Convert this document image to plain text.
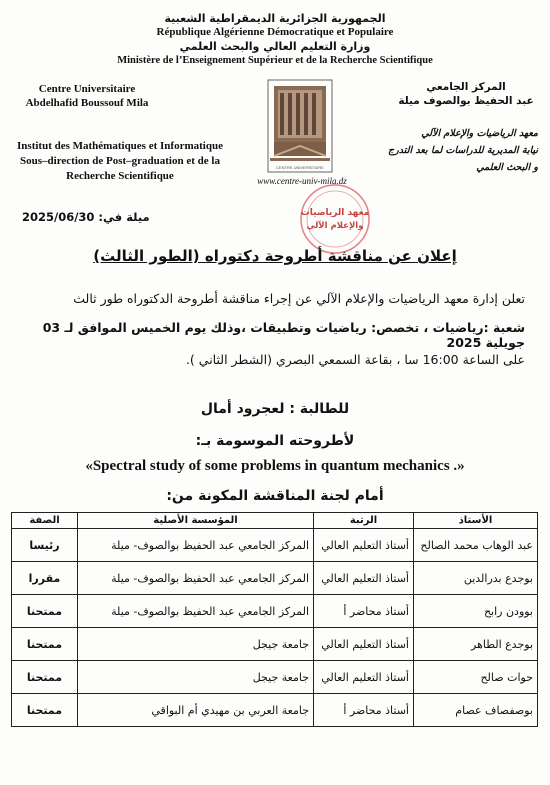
الجمهورية الجزائرية الديمقراطية الشعبية
République Algérienne Démocratique et Populaire
وزارة التعليم العالي والبحث العلمي
Ministère de l’Enseignement Supérieur et de la Recherche Scientifique
Centre Universitaire
Abdelhafid Boussouf Mila
المركز الجامعي
عبد الحفيظ بوالصوف ميلة
Institut des Mathématiques et Informatique
Sous–direction de Post–graduation et de la
Recherche Scientifique
معهد الرياضيات والإعلام الآلي
نيابة المديرية للدراسات لما بعد التدرج
و البحث العلمي
CENTRE UNIVERSITAIRE
www.centre-univ-mila.dz
معهد الرياضيات
والإعلام الآلي
ميلة في: 2025/06/30
إعلان عن مناقشة أطروحة دكتوراه (الطور الثالث)
تعلن إدارة معهد الرياضيات والإعلام الآلي عن إجراء مناقشة أطروحة الدكتوراه طور ثالث
شعبة :رياضيات ، تخصص: رياضيات وتطبيقات ،وذلك يوم الخميس الموافق لـ 03 جويلية 2025
على الساعة 16:00 سا ، بقاعة السمعي البصري (الشطر الثاني ).
للطالبة : لعجرود أمال
لأطروحته الموسومة بـ:
«Spectral study of some problems in quantum mechanics .»
أمام لجنة المناقشة المكونة من:
الأستاذ	الرتبة	المؤسسة الأصلية	الصفة
عبد الوهاب محمد الصالح	أستاذ التعليم العالي	المركز الجامعي عبد الحفيظ بوالصوف- ميلة	رئيسا
بوجدع بدرالدين	أستاذ التعليم العالي	المركز الجامعي عبد الحفيظ بوالصوف- ميلة	مقررا
بوودن رابح	أستاذ محاضر أ	المركز الجامعي عبد الحفيظ بوالصوف- ميلة	ممتحنا
بوجدع الطاهر	أستاذ التعليم العالي	جامعة جيجل	ممتحنا
حوات صالح	أستاذ التعليم العالي	جامعة جيجل	ممتحنا
بوصفصاف عصام	أستاذ محاضر أ	جامعة العربي بن مهيدي أم البواقي	ممتحنا
